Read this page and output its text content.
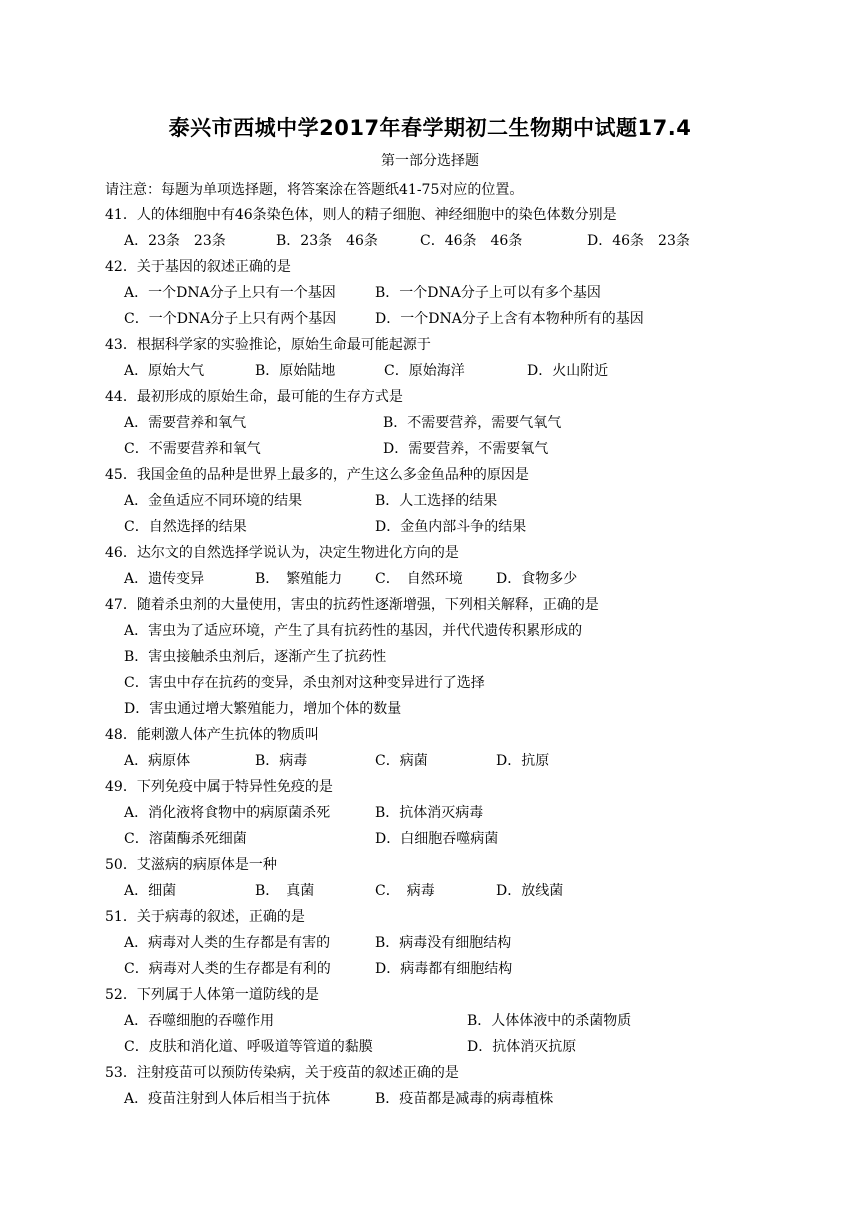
泰兴市西城中学2017年春学期初二生物期中试题17.4
第一部分选择题
请注意：每题为单项选择题，将答案涂在答题纸41-75对应的位置。
41．人的体细胞中有46条染色体，则人的精子细胞、神经细胞中的染色体数分别是
A．23条　23条	B．23条　46条	C．46条　46条	D．46条　23条
42．关于基因的叙述正确的是
A．一个DNA分子上只有一个基因	B．一个DNA分子上可以有多个基因
C．一个DNA分子上只有两个基因	D．一个DNA分子上含有本物种所有的基因
43．根据科学家的实验推论，原始生命最可能起源于
A．原始大气	B．原始陆地	C．原始海洋	D．火山附近
44．最初形成的原始生命，最可能的生存方式是
A．需要营养和氧气	B．不需要营养，需要气氧气
C．不需要营养和氧气	D．需要营养，不需要氧气
45．我国金鱼的品种是世界上最多的，产生这么多金鱼品种的原因是
A．金鱼适应不同环境的结果	B．人工选择的结果
C．自然选择的结果	D．金鱼内部斗争的结果
46．达尔文的自然选择学说认为，决定生物进化方向的是
A．遗传变异	B．　繁殖能力 C．　自然环境 D．食物多少
47．随着杀虫剂的大量使用，害虫的抗药性逐渐增强，下列相关解释，正确的是
A．害虫为了适应环境，产生了具有抗药性的基因，并代代遗传积累形成的
B．害虫接触杀虫剂后，逐渐产生了抗药性
C．害虫中存在抗药的变异，杀虫剂对这种变异进行了选择
D．害虫通过增大繁殖能力，增加个体的数量
48．能刺激人体产生抗体的物质叫
A．病原体	B．病毒	C．病菌	D．抗原
49．下列免疫中属于特异性免疫的是
A．消化液将食物中的病原菌杀死	B．抗体消灭病毒
C．溶菌酶杀死细菌	D．白细胞吞噬病菌
50．艾滋病的病原体是一种
A．细菌	B．　真菌	C．　病毒	D．放线菌
51．关于病毒的叙述，正确的是
A．病毒对人类的生存都是有害的	B．病毒没有细胞结构
C．病毒对人类的生存都是有利的	D．病毒都有细胞结构
52．下列属于人体第一道防线的是
A．吞噬细胞的吞噬作用	B．人体体液中的杀菌物质
C．皮肤和消化道、呼吸道等管道的黏膜	D．抗体消灭抗原
53．注射疫苗可以预防传染病，关于疫苗的叙述正确的是
A．疫苗注射到人体后相当于抗体	B．疫苗都是减毒的病毒植株
